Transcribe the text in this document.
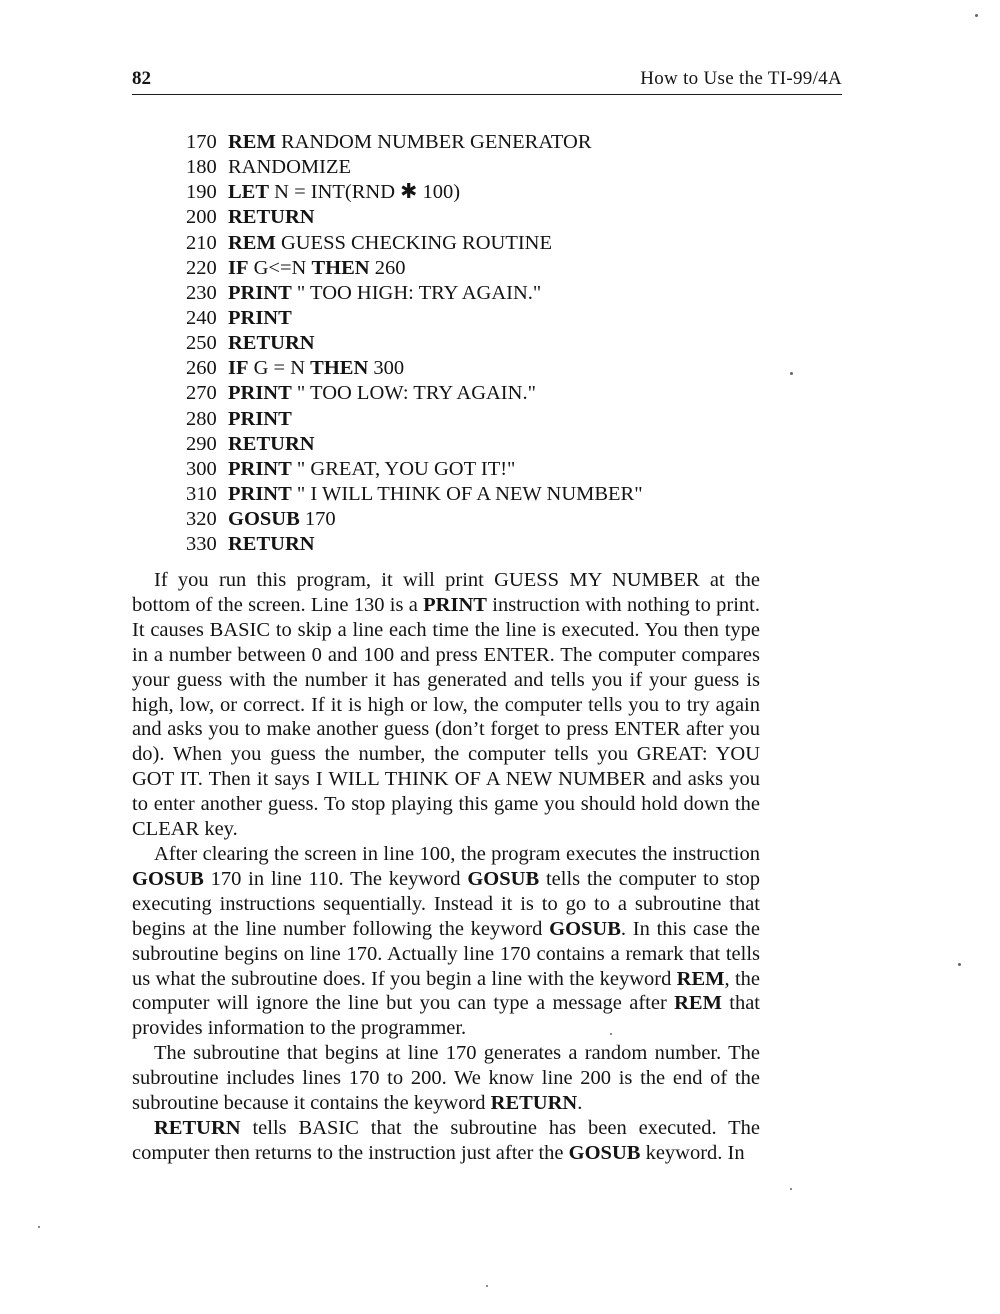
82	How to Use the TI-99/4A
170 REM RANDOM NUMBER GENERATOR
180 RANDOMIZE
190 LET N = INT(RND ✱ 100)
200 RETURN
210 REM GUESS CHECKING ROUTINE
220 IF G<=N THEN 260
230 PRINT " TOO HIGH: TRY AGAIN."
240 PRINT
250 RETURN
260 IF G = N THEN 300
270 PRINT " TOO LOW: TRY AGAIN."
280 PRINT
290 RETURN
300 PRINT " GREAT, YOU GOT IT!"
310 PRINT " I WILL THINK OF A NEW NUMBER"
320 GOSUB 170
330 RETURN

If you run this program, it will print GUESS MY NUMBER at the bottom of the screen. Line 130 is a PRINT instruction with nothing to print. It causes BASIC to skip a line each time the line is executed. You then type in a number between 0 and 100 and press ENTER. The computer compares your guess with the number it has generated and tells you if your guess is high, low, or correct. If it is high or low, the computer tells you to try again and asks you to make another guess (don’t forget to press ENTER after you do). When you guess the number, the computer tells you GREAT: YOU GOT IT. Then it says I WILL THINK OF A NEW NUMBER and asks you to enter another guess. To stop playing this game you should hold down the CLEAR key.

After clearing the screen in line 100, the program executes the instruction GOSUB 170 in line 110. The keyword GOSUB tells the computer to stop executing instructions sequentially. Instead it is to go to a subroutine that begins at the line number following the keyword GOSUB. In this case the subroutine begins on line 170. Actually line 170 contains a remark that tells us what the subroutine does. If you begin a line with the keyword REM, the computer will ignore the line but you can type a message after REM that provides information to the programmer.

The subroutine that begins at line 170 generates a random number. The subroutine includes lines 170 to 200. We know line 200 is the end of the subroutine because it contains the keyword RETURN.

RETURN tells BASIC that the subroutine has been executed. The computer then returns to the instruction just after the GOSUB keyword. In
